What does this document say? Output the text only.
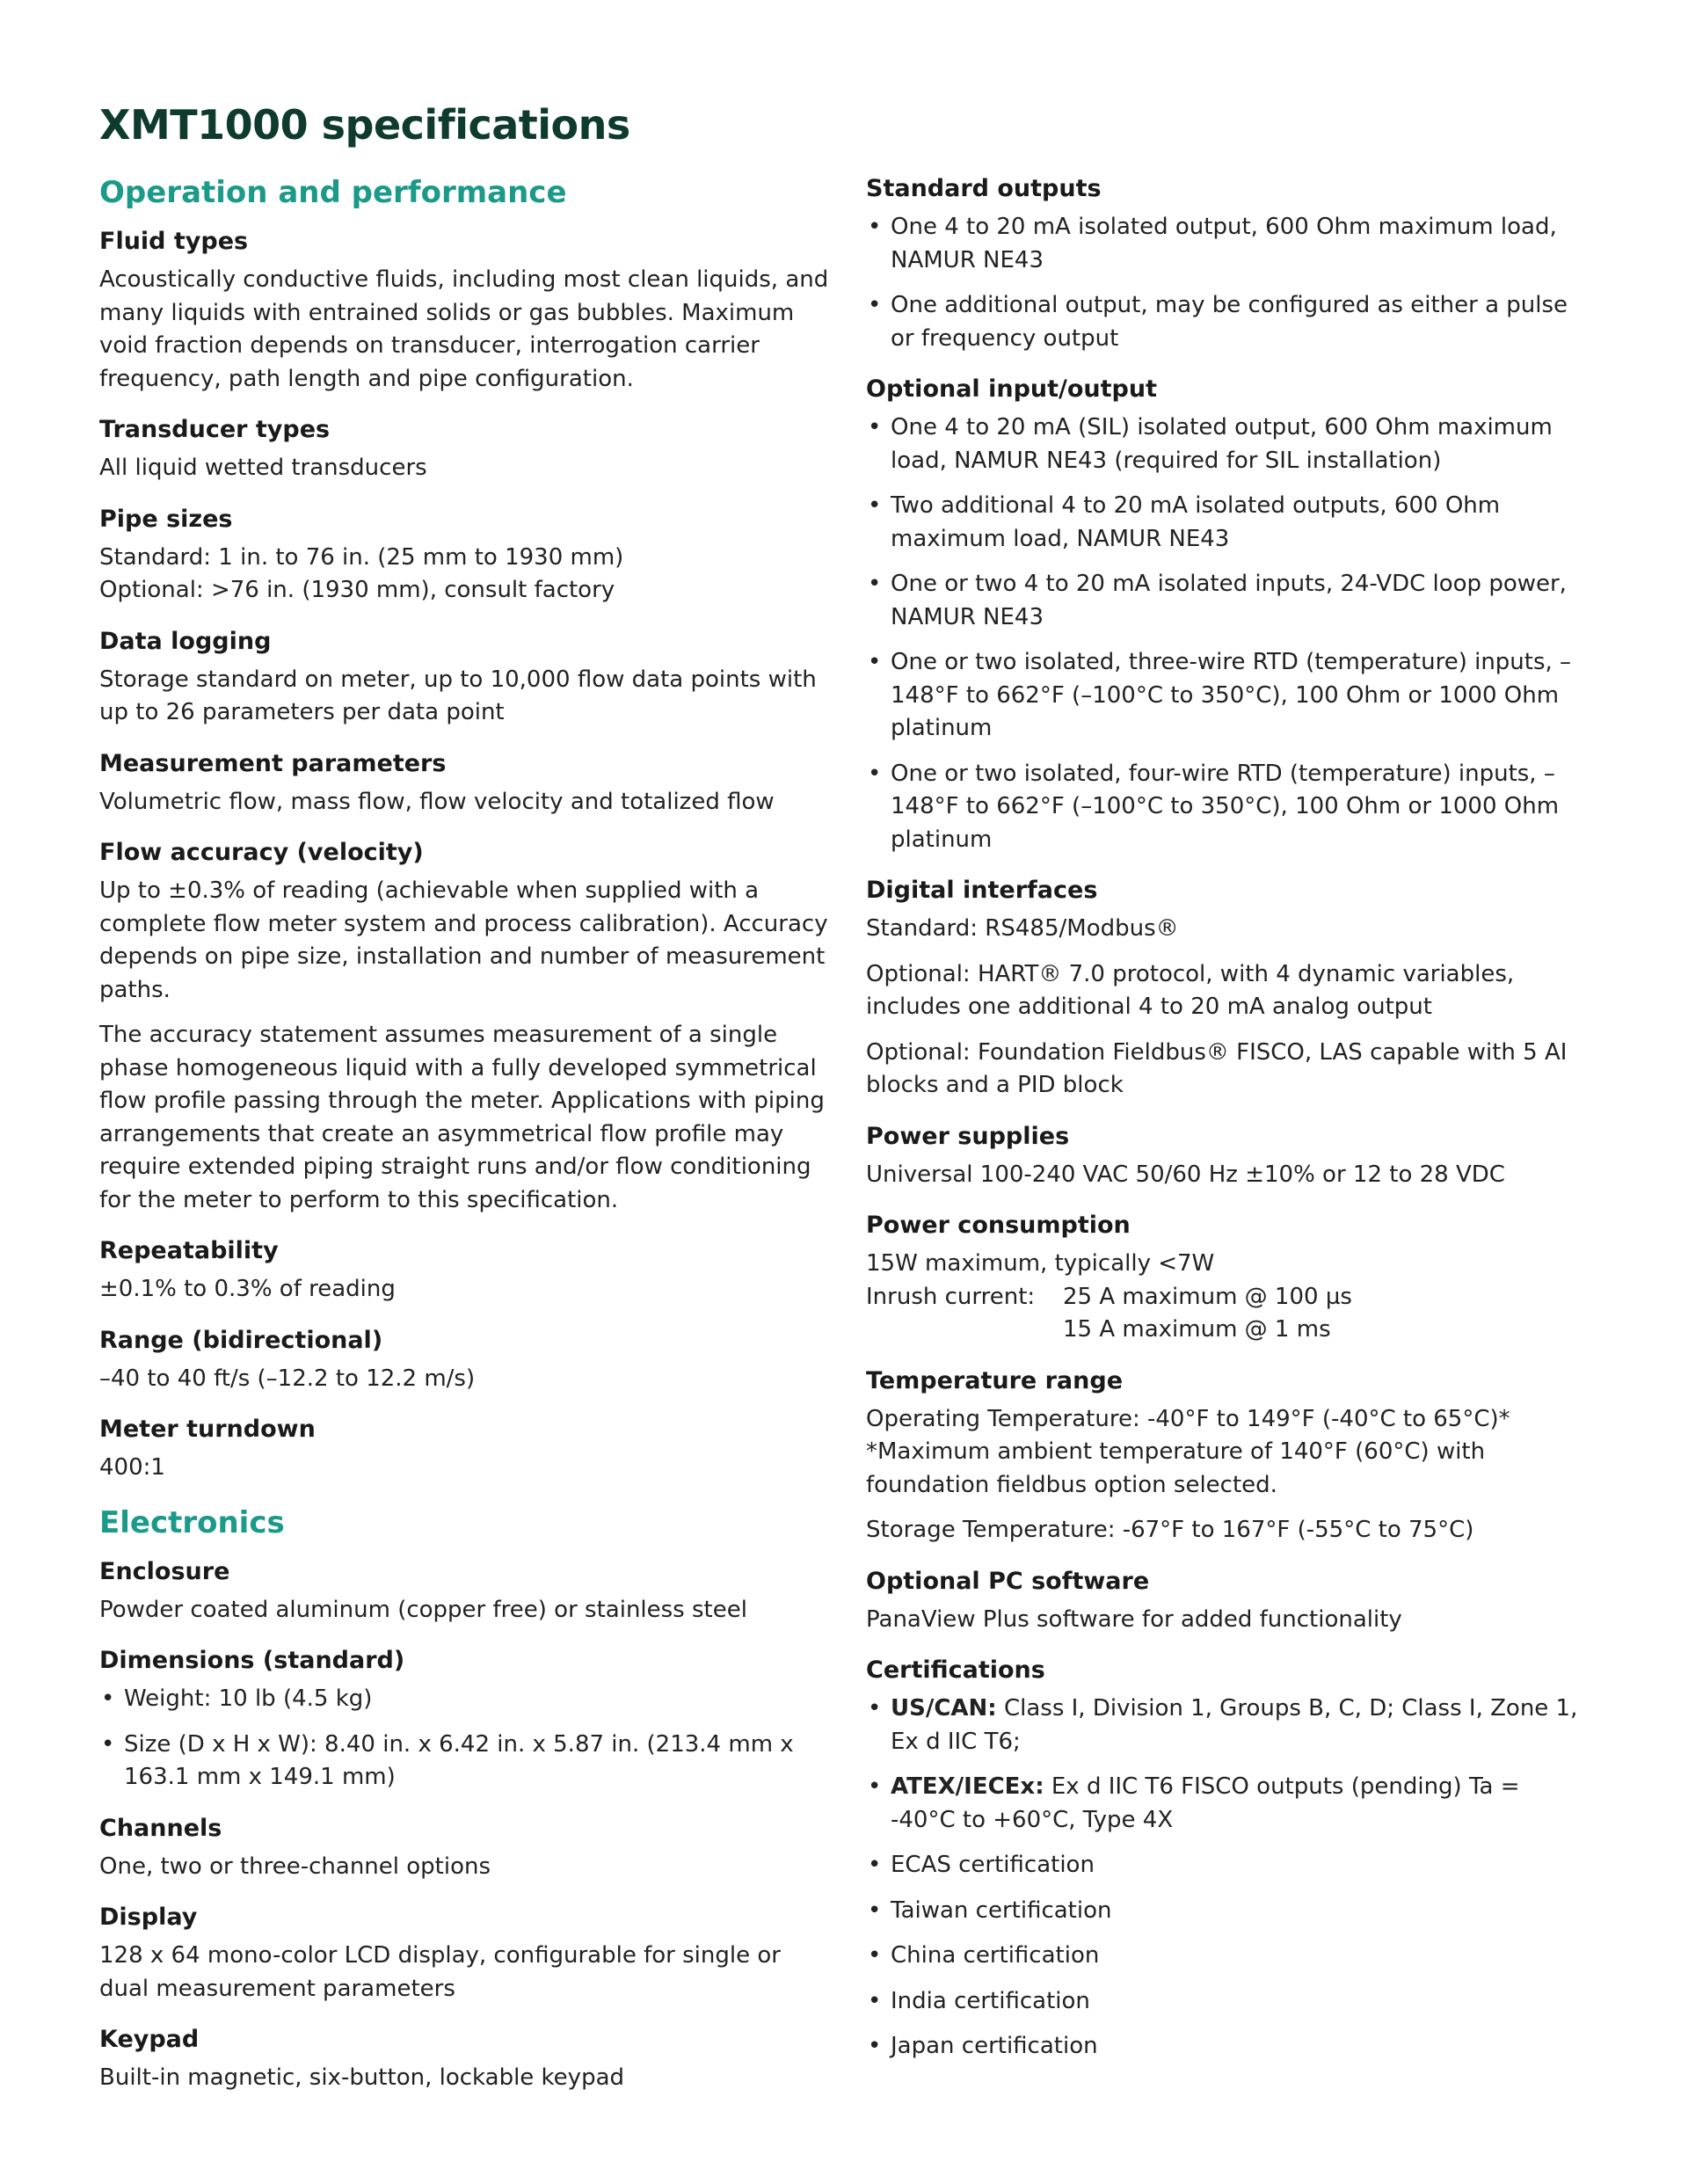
XMT1000 specifications
Operation and performance
Fluid types

Acoustically conductive fluids, including most clean liquids, and many liquids with entrained solids or gas bubbles. Maximum void fraction depends on transducer, interrogation carrier frequency, path length and pipe configuration.

Transducer types

All liquid wetted transducers

Pipe sizes

Standard: 1 in. to 76 in. (25 mm to 1930 mm)

Optional: >76 in. (1930 mm), consult factory

Data logging

Storage standard on meter, up to 10,000 flow data points with up to 26 parameters per data point

Measurement parameters

Volumetric flow, mass flow, flow velocity and totalized flow

Flow accuracy (velocity)

Up to ±0.3% of reading (achievable when supplied with a complete flow meter system and process calibration). Accuracy depends on pipe size, installation and number of measurement paths.

The accuracy statement assumes measurement of a single phase homogeneous liquid with a fully developed symmetrical flow profile passing through the meter. Applications with piping arrangements that create an asymmetrical flow profile may require extended piping straight runs and/or flow conditioning for the meter to perform to this specification.

Repeatability

±0.1% to 0.3% of reading

Range (bidirectional)

–40 to 40 ft/s (–12.2 to 12.2 m/s)

Meter turndown

400:1

Electronics
Enclosure

Powder coated aluminum (copper free) or stainless steel

Dimensions (standard)
• Weight: 10 lb (4.5 kg)
• Size (D x H x W): 8.40 in. x 6.42 in. x 5.87 in. (213.4 mm x 163.1 mm x 149.1 mm)
Channels

One, two or three-channel options

Display

128 x 64 mono-color LCD display, configurable for single or dual measurement parameters

Keypad

Built-in magnetic, six-button, lockable keypad

Standard outputs
• One 4 to 20 mA isolated output, 600 Ohm maximum load, NAMUR NE43
• One additional output, may be configured as either a pulse or frequency output
Optional input/output
• One 4 to 20 mA (SIL) isolated output, 600 Ohm maximum load, NAMUR NE43 (required for SIL installation)
• Two additional 4 to 20 mA isolated outputs, 600 Ohm maximum load, NAMUR NE43
• One or two 4 to 20 mA isolated inputs, 24-VDC loop power, NAMUR NE43
• One or two isolated, three-wire RTD (temperature) inputs, –148°F to 662°F (–100°C to 350°C), 100 Ohm or 1000 Ohm platinum
• One or two isolated, four-wire RTD (temperature) inputs, –148°F to 662°F (–100°C to 350°C), 100 Ohm or 1000 Ohm platinum
Digital interfaces

Standard: RS485/Modbus®

Optional: HART® 7.0 protocol, with 4 dynamic variables, includes one additional 4 to 20 mA analog output

Optional: Foundation Fieldbus® FISCO, LAS capable with 5 AI blocks and a PID block

Power supplies

Universal 100-240 VAC 50/60 Hz ±10% or 12 to 28 VDC

Power consumption

15W maximum, typically <7W

Inrush current:	25 A maximum @ 100 µs
15 A maximum @ 1 ms
Temperature range

Operating Temperature: -40°F to 149°F (-40°C to 65°C)* *Maximum ambient temperature of 140°F (60°C) with foundation fieldbus option selected.

Storage Temperature: -67°F to 167°F (-55°C to 75°C)

Optional PC software

PanaView Plus software for added functionality

Certifications
• US/CAN: Class I, Division 1, Groups B, C, D; Class I, Zone 1, Ex d IIC T6;
• ATEX/IECEx: Ex d IIC T6 FISCO outputs (pending) Ta = -40°C to +60°C, Type 4X
• ECAS certification
• Taiwan certification
• China certification
• India certification
• Japan certification
